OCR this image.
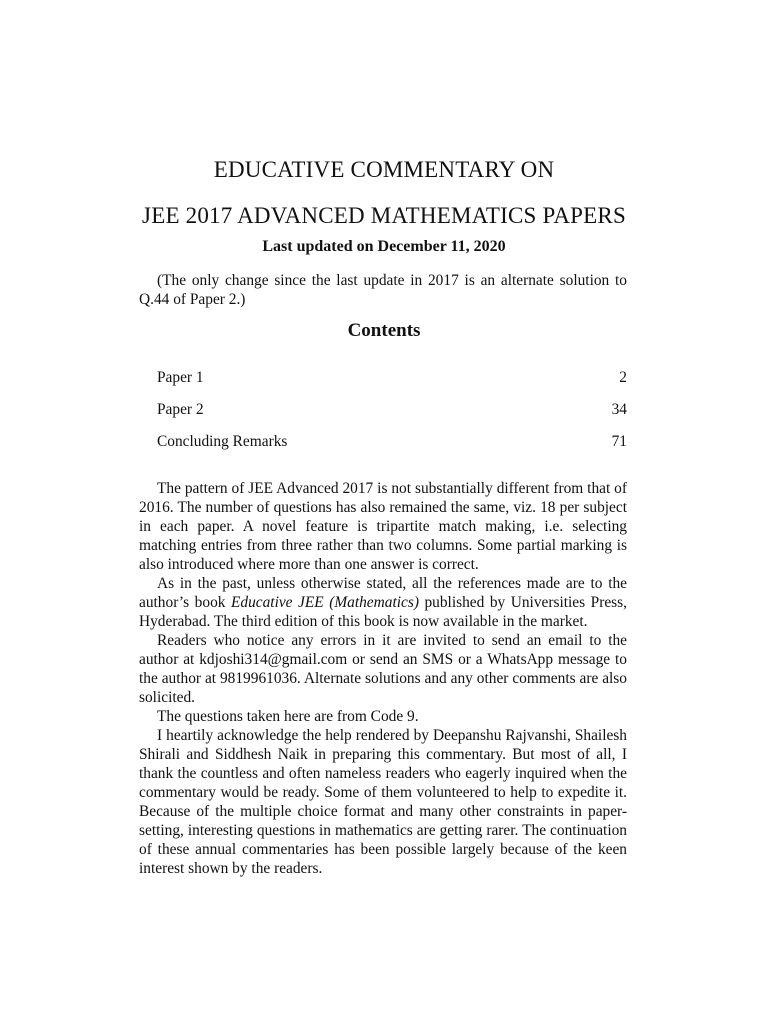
EDUCATIVE COMMENTARY ON
JEE 2017 ADVANCED MATHEMATICS PAPERS
Last updated on December 11, 2020

(The only change since the last update in 2017 is an alternate solution to Q.44 of Paper 2.)

Contents
Paper 1	2
Paper 2	34
Concluding Remarks	71

The pattern of JEE Advanced 2017 is not substantially different from that of 2016. The number of questions has also remained the same, viz. 18 per subject in each paper. A novel feature is tripartite match making, i.e. selecting matching entries from three rather than two columns. Some partial marking is also introduced where more than one answer is correct.

As in the past, unless otherwise stated, all the references made are to the author’s book Educative JEE (Mathematics) published by Universities Press, Hyderabad. The third edition of this book is now available in the market.

Readers who notice any errors in it are invited to send an email to the author at kdjoshi314@gmail.com or send an SMS or a WhatsApp message to the author at 9819961036. Alternate solutions and any other comments are also solicited.

The questions taken here are from Code 9.

I heartily acknowledge the help rendered by Deepanshu Rajvanshi, Shailesh Shirali and Siddhesh Naik in preparing this commentary. But most of all, I thank the countless and often nameless readers who eagerly inquired when the commentary would be ready. Some of them volunteered to help to expedite it. Because of the multiple choice format and many other constraints in paper-setting, interesting questions in mathematics are getting rarer. The continuation of these annual commentaries has been possible largely because of the keen interest shown by the readers.
